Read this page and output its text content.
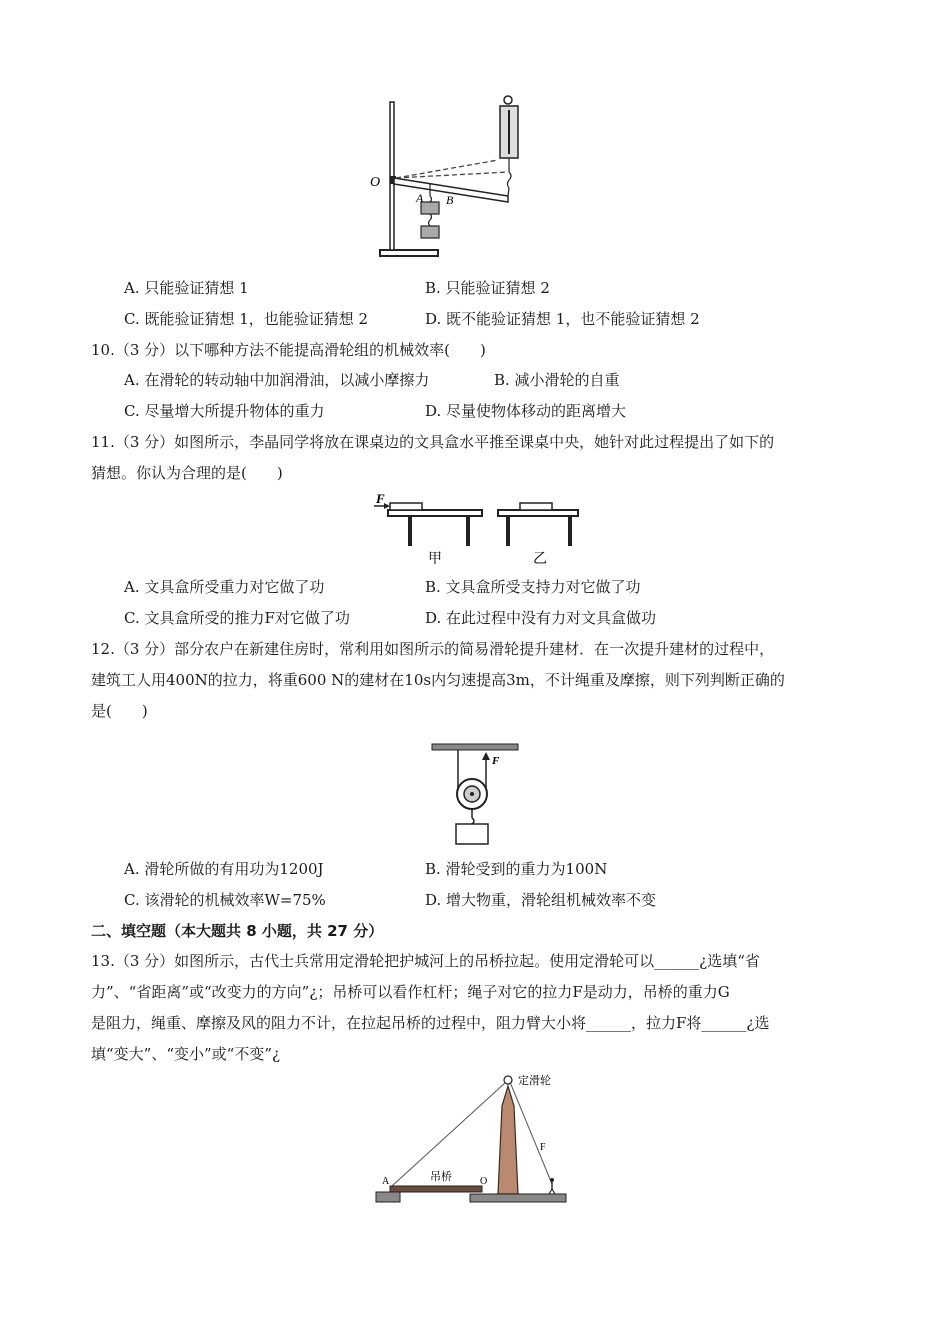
O
A B
A. 只能验证猜想 1	B. 只能验证猜想 2
C. 既能验证猜想 1，也能验证猜想 2	D. 既不能验证猜想 1，也不能验证猜想 2
10.（3 分）以下哪种方法不能提高滑轮组的机械效率(　　)
A. 在滑轮的转动轴中加润滑油，以减小摩擦力	B. 减小滑轮的自重
C. 尽量增大所提升物体的重力	D. 尽量使物体移动的距离增大
11.（3 分）如图所示，李晶同学将放在课桌边的文具盒水平推至课桌中央，她针对此过程提出了如下的
猜想。你认为合理的是(　　)
F
甲	乙
A. 文具盒所受重力对它做了功	B. 文具盒所受支持力对它做了功
C. 文具盒所受的推力F对它做了功	D. 在此过程中没有力对文具盒做功
12.（3 分）部分农户在新建住房时，常利用如图所示的简易滑轮提升建材．在一次提升建材的过程中，
建筑工人用400N的拉力，将重600 N的建材在10s内匀速提高3m，不计绳重及摩擦，则下列判断正确的
是(　　)
F
A. 滑轮所做的有用功为1200J	B. 滑轮受到的重力为100N
C. 该滑轮的机械效率W=75%	D. 增大物重，滑轮组机械效率不变
二、填空题（本大题共 8 小题，共 27 分）
13.（3 分）如图所示，古代士兵常用定滑轮把护城河上的吊桥拉起。使用定滑轮可以______¿选填“省
力”、“省距离”或“改变力的方向”¿；吊桥可以看作杠杆；绳子对它的拉力F是动力，吊桥的重力G
是阻力，绳重、摩擦及风的阻力不计，在拉起吊桥的过程中，阻力臂大小将______，拉力F将______¿选
填“变大”、“变小”或“不变”¿
定滑轮
F
吊桥
A	O
